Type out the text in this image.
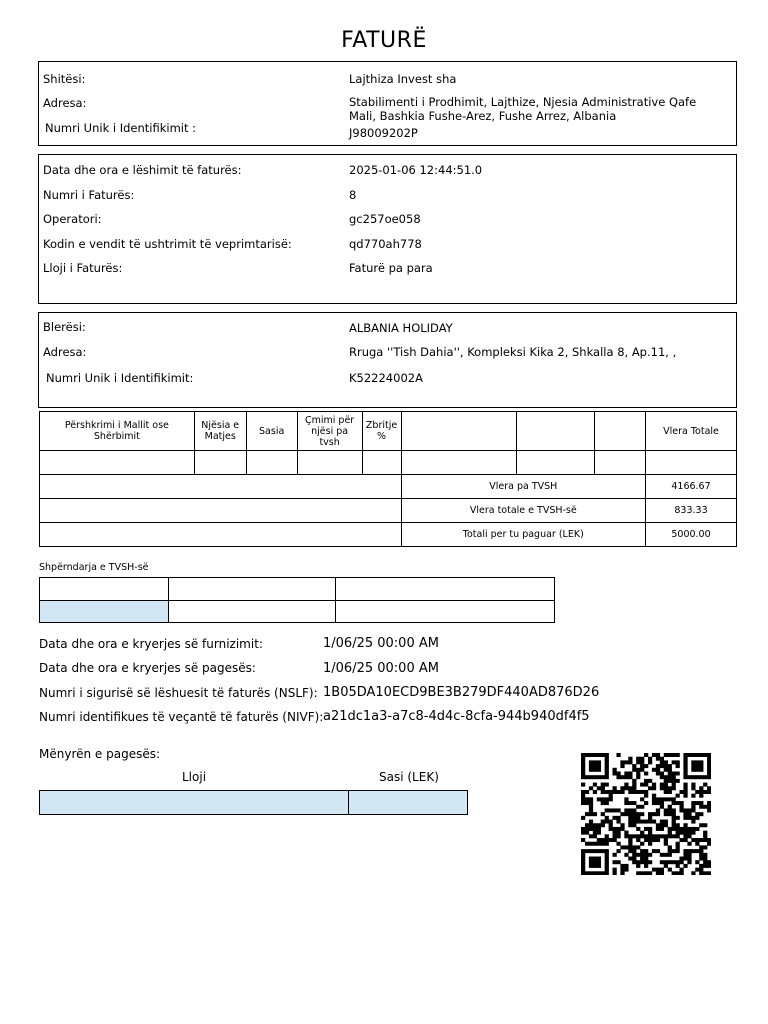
FATURË
Shitësi:	Lajthiza Invest sha
Adresa:	Stabilimenti i Prodhimit, Lajthize, Njesia Administrative Qafe Mali, Bashkia Fushe-Arez, Fushe Arrez, Albania
Numri Unik i Identifikimit :	J98009202P
Data dhe ora e lëshimit të faturës:	2025-01-06 12:44:51.0
Numri i Faturës:	8
Operatori:	gc257oe058
Kodin e vendit të ushtrimit të veprimtarisë:	qd770ah778
Lloji i Faturës:	Faturë pa para
Blerësi:	ALBANIA HOLIDAY
Adresa:	Rruga ''Tish Dahia'', Kompleksi Kika 2, Shkalla 8, Ap.11, ,
Numri Unik i Identifikimit:	K52224002A
Përshkrimi i Mallit ose Shërbimit	Njësia e Matjes	Sasia	Çmimi për njësi pa tvsh	Zbritje %				Vlera Totale

					Vlera pa TVSH			4166.67
					Vlera totale e TVSH-së			833.33
					Totali per tu paguar (LEK)			5000.00
Shpërndarja e TVSH-së

Data dhe ora e kryerjes së furnizimit:	1/06/25 00:00 AM
Data dhe ora e kryerjes së pagesës:	1/06/25 00:00 AM
Numri i sigurisë së lëshuesit të faturës (NSLF): 1B05DA10ECD9BE3B279DF440AD876D26
Numri identifikues të veçantë të faturës (NIVF): a21dc1a3-a7c8-4d4c-8cfa-944b940df4f5
Mënyrën e pagesës:
Lloji	Sasi (LEK)
